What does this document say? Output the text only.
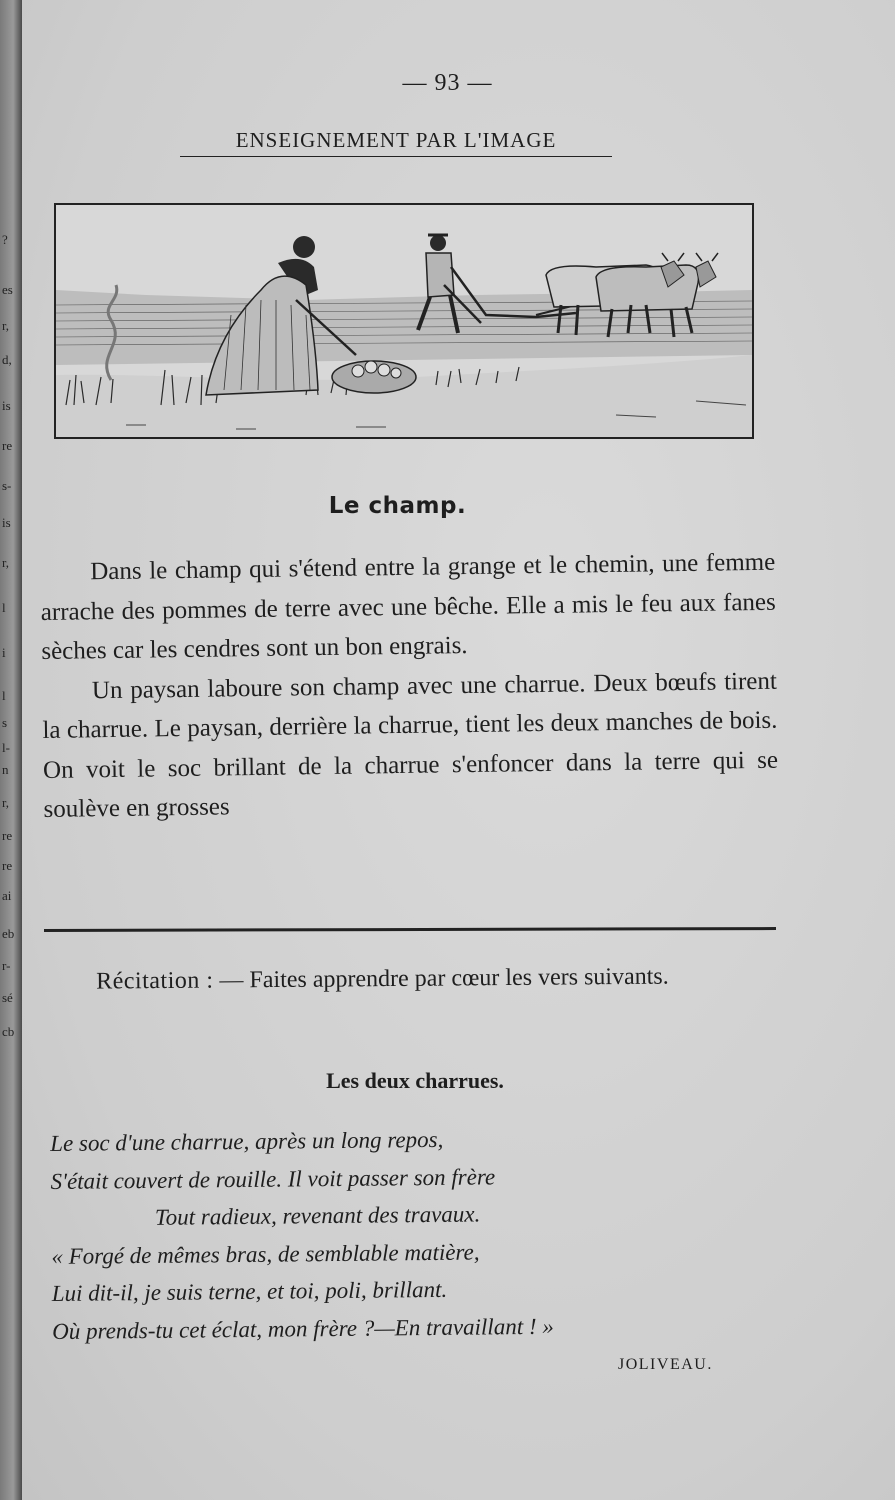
?
es
r,
d,
is
re
s-
is
r,
l
i
l
s
l-
n
r,
re
re
ai
eb
r-
sé
cb
— 93 —
ENSEIGNEMENT PAR L'IMAGE
Le champ.

Dans le champ qui s'étend entre la grange et le chemin, une femme arrache des pommes de terre avec une bêche. Elle a mis le feu aux fanes sèches car les cendres sont un bon engrais.

Un paysan laboure son champ avec une charrue. Deux bœufs tirent la charrue. Le paysan, derrière la charrue, tient les deux manches de bois. On voit le soc brillant de la charrue s'enfoncer dans la terre qui se soulève en grosses

Récitation : — Faites apprendre par cœur les vers suivants.
Les deux charrues.
Le soc d'une charrue, après un long repos,
S'était couvert de rouille. Il voit passer son frère
Tout radieux, revenant des travaux.
« Forgé de mêmes bras, de semblable matière,
Lui dit-il, je suis terne, et toi, poli, brillant.
Où prends-tu cet éclat, mon frère ?—En travaillant ! »
JOLIVEAU.
